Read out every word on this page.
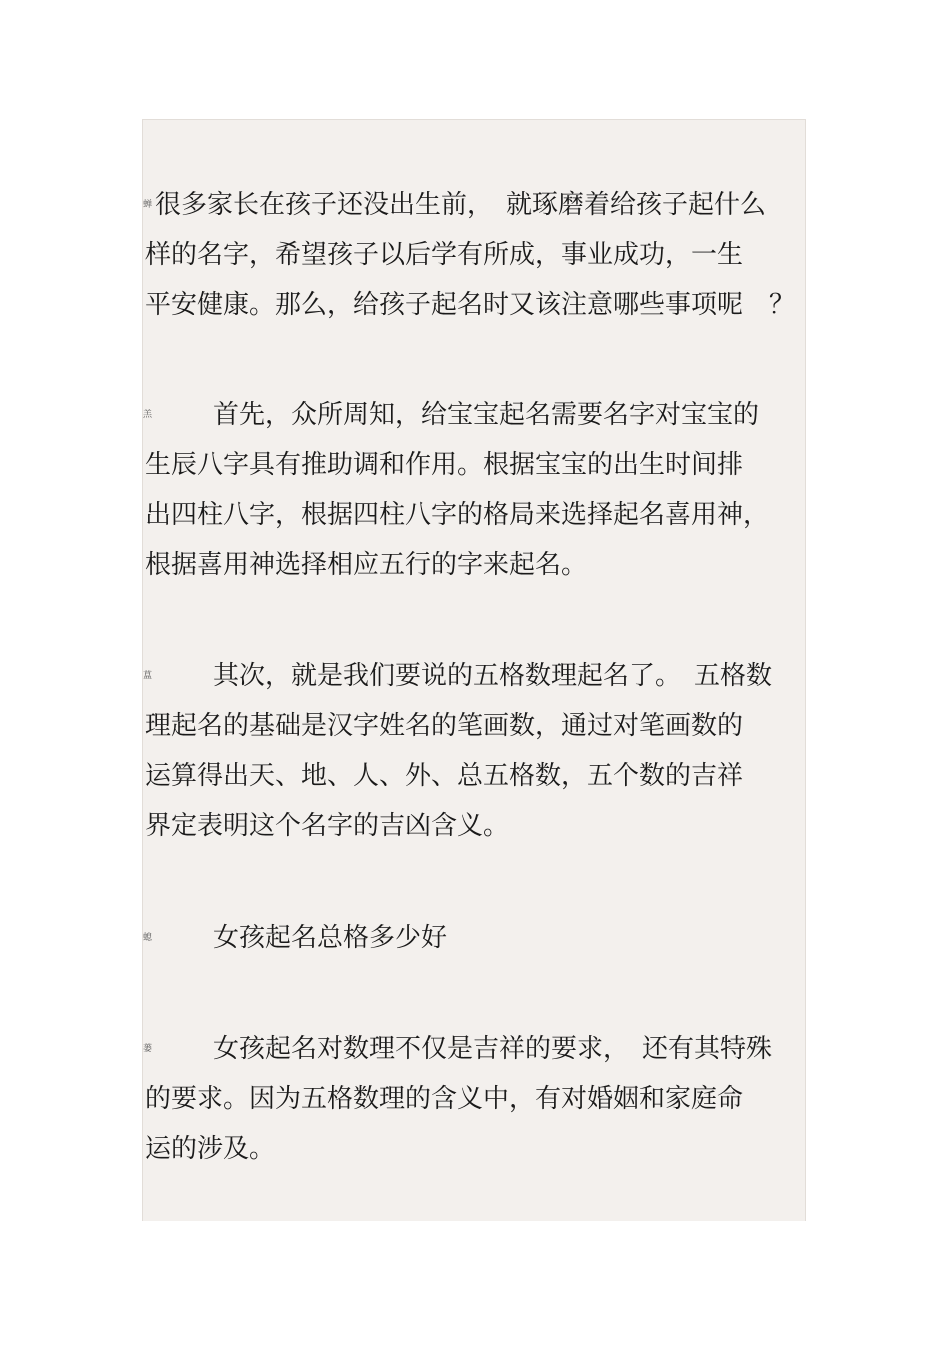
蝉 很多家长在孩子还没出生前，　就琢磨着给孩子起什么
样的名字，希望孩子以后学有所成，事业成功，一生
平安健康。那么，给孩子起名时又该注意哪些事项呢　？
羔 首先，众所周知，给宝宝起名需要名字对宝宝的
生辰八字具有推助调和作用。根据宝宝的出生时间排
出四柱八字，根据四柱八字的格局来选择起名喜用神，
根据喜用神选择相应五行的字来起名。
蒀 其次，就是我们要说的五格数理起名了。　五格数
理起名的基础是汉字姓名的笔画数，通过对笔画数的
运算得出天、地、人、外、总五格数，五个数的吉祥
界定表明这个名字的吉凶含义。
螅 女孩起名总格多少好
蒌 女孩起名对数理不仅是吉祥的要求，　还有其特殊
的要求。因为五格数理的含义中，有对婚姻和家庭命
运的涉及。
